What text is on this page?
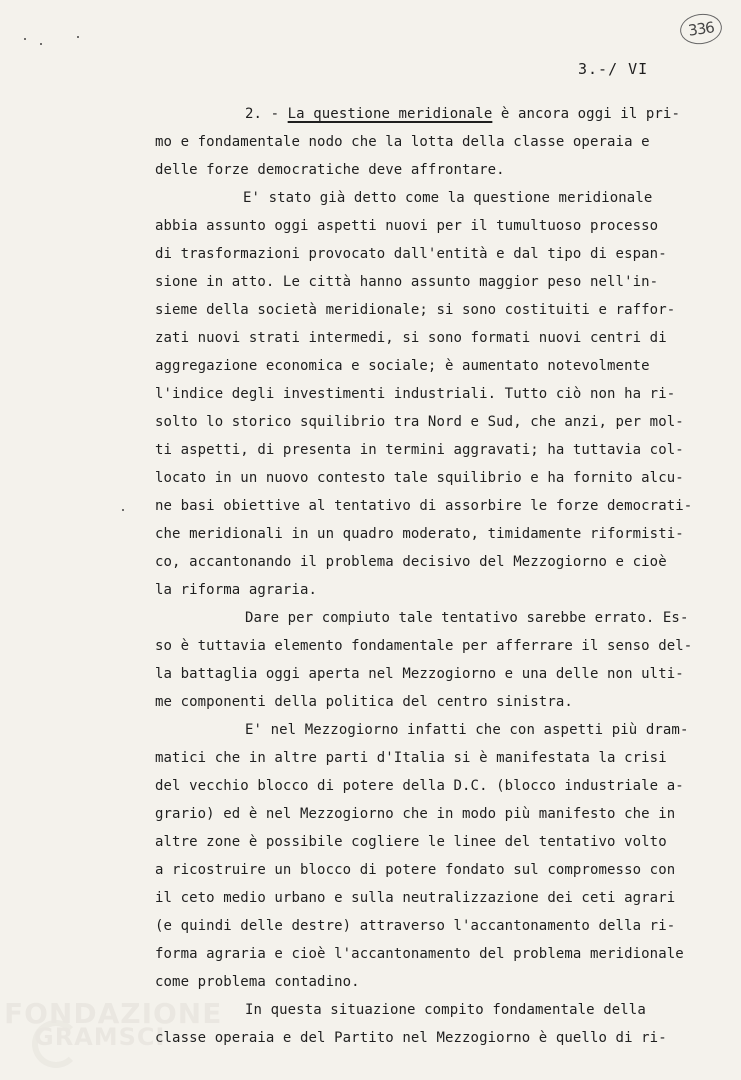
336
3.-/ VI
2. - La questione meridionale è ancora oggi il pri-
mo e fondamentale nodo che la lotta della classe operaia e
delle forze democratiche deve affrontare.
E' stato già detto come la questione meridionale
abbia assunto oggi aspetti nuovi per il tumultuoso processo
di trasformazioni provocato dall'entità e dal tipo di espan-
sione in atto. Le città hanno assunto maggior peso nell'in-
sieme della società meridionale; si sono costituiti e raffor-
zati nuovi strati intermedi, si sono formati nuovi centri di
aggregazione economica e sociale; è aumentato notevolmente
l'indice degli investimenti industriali. Tutto ciò non ha ri-
solto lo storico squilibrio tra Nord e Sud, che anzi, per mol-
ti aspetti, di presenta in termini aggravati; ha tuttavia col-
locato in un nuovo contesto tale squilibrio e ha fornito alcu-
ne basi obiettive al tentativo di assorbire le forze democrati-
che meridionali in un quadro moderato, timidamente riformisti-
co, accantonando il problema decisivo del Mezzogiorno e cioè
la riforma agraria.
Dare per compiuto tale tentativo sarebbe errato. Es-
so è tuttavia elemento fondamentale per afferrare il senso del-
la battaglia oggi aperta nel Mezzogiorno e una delle non ulti-
me componenti della politica del centro sinistra.
E' nel Mezzogiorno infatti che con aspetti più dram-
matici che in altre parti d'Italia si è manifestata la crisi
del vecchio blocco di potere della D.C. (blocco industriale a-
grario) ed è nel Mezzogiorno che in modo più manifesto che in
altre zone è possibile cogliere le linee del tentativo volto
a ricostruire un blocco di potere fondato sul compromesso con
il ceto medio urbano e sulla neutralizzazione dei ceti agrari
(e quindi delle destre) attraverso l'accantonamento della ri-
forma agraria e cioè l'accantonamento del problema meridionale
come problema contadino.
In questa situazione compito fondamentale della
classe operaia e del Partito nel Mezzogiorno è quello di ri-
FONDAZIONE
GRAMSCI
